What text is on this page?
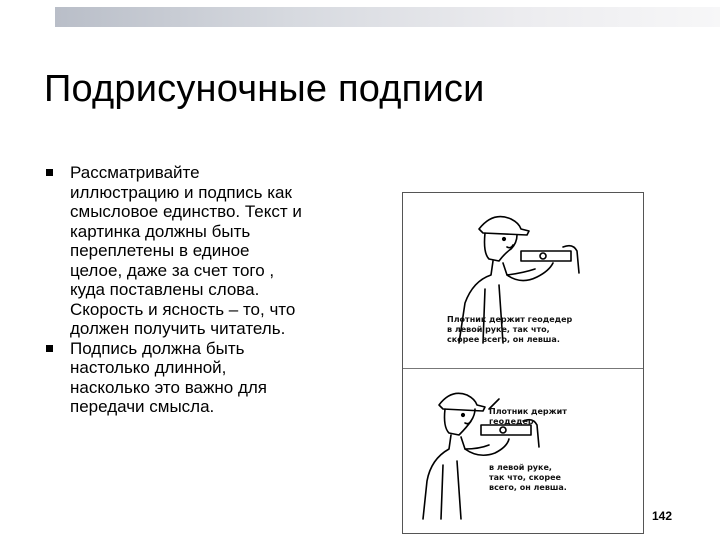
Подрисуночные подписи
Рассматривайте
иллюстрацию и подпись как
смысловое единство. Текст и
картинка должны быть
переплетены в единое
целое, даже за счет того ,
куда поставлены слова.
Скорость и ясность – то, что
должен получить читатель.
Подпись должна быть
настолько длинной,
насколько это важно для
передачи смысла.
Плотник держит геодедер
в левой руке, так что,
скорее всего, он левша.
Плотник держит
геодедер
в левой руке,
так что, скорее
всего, он левша.
142
